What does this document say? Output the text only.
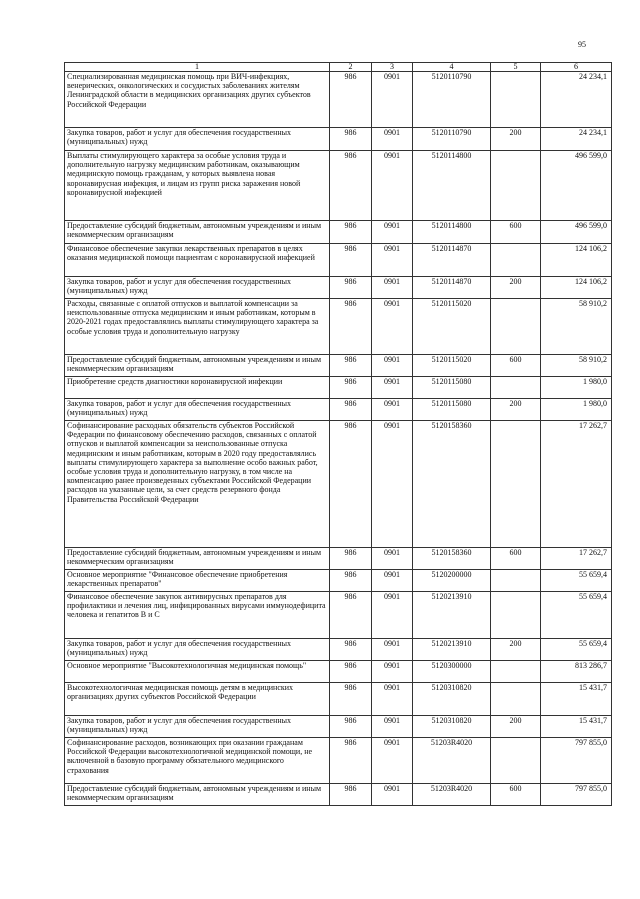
95
1	2	3	4	5	6
Специализированная медицинская помощь при ВИЧ-инфекциях, венерических, онкологических и сосудистых заболеваниях жителям Ленинградской области в медицинских организациях других субъектов Российской Федерации	986	0901	5120110790		24 234,1
Закупка товаров, работ и услуг для обеспечения государственных (муниципальных) нужд	986	0901	5120110790	200	24 234,1
Выплаты стимулирующего характера за особые условия труда и дополнительную нагрузку медицинским работникам, оказывающим медицинскую помощь гражданам, у которых выявлена новая коронавирусная инфекция, и лицам из групп риска заражения новой коронавирусной инфекцией	986	0901	5120114800		496 599,0
Предоставление субсидий бюджетным, автономным учреждениям и иным некоммерческим организациям	986	0901	5120114800	600	496 599,0
Финансовое обеспечение закупки лекарственных препаратов в целях оказания медицинской помощи пациентам с коронавирусной инфекцией	986	0901	5120114870		124 106,2
Закупка товаров, работ и услуг для обеспечения государственных (муниципальных) нужд	986	0901	5120114870	200	124 106,2
Расходы, связанные с оплатой отпусков и выплатой компенсации за неиспользованные отпуска медицинским и иным работникам, которым в 2020-2021 годах предоставлялись выплаты стимулирующего характера за особые условия труда и дополнительную нагрузку	986	0901	5120115020		58 910,2
Предоставление субсидий бюджетным, автономным учреждениям и иным некоммерческим организациям	986	0901	5120115020	600	58 910,2
Приобретение средств диагностики коронавирусной инфекции	986	0901	5120115080		1 980,0
Закупка товаров, работ и услуг для обеспечения государственных (муниципальных) нужд	986	0901	5120115080	200	1 980,0
Софинансирование расходных обязательств субъектов Российской Федерации по финансовому обеспечению расходов, связанных с оплатой отпусков и выплатой компенсации за неиспользованные отпуска медицинским и иным работникам, которым в 2020 году предоставлялись выплаты стимулирующего характера за выполнение особо важных работ, особые условия труда и дополнительную нагрузку, в том числе на компенсацию ранее произведенных субъектами Российской Федерации расходов на указанные цели, за счет средств резервного фонда Правительства Российской Федерации	986	0901	5120158360		17 262,7
Предоставление субсидий бюджетным, автономным учреждениям и иным некоммерческим организациям	986	0901	5120158360	600	17 262,7
Основное мероприятие "Финансовое обеспечение приобретения лекарственных препаратов"	986	0901	5120200000		55 659,4
Финансовое обеспечение закупок антивирусных препаратов для профилактики и лечения лиц, инфицированных вирусами иммунодефицита человека и гепатитов В и С	986	0901	5120213910		55 659,4
Закупка товаров, работ и услуг для обеспечения государственных (муниципальных) нужд	986	0901	5120213910	200	55 659,4
Основное мероприятие "Высокотехнологичная медицинская помощь"	986	0901	5120300000		813 286,7
Высокотехнологичная медицинская помощь детям в медицинских организациях других субъектов Российской Федерации	986	0901	5120310820		15 431,7
Закупка товаров, работ и услуг для обеспечения государственных (муниципальных) нужд	986	0901	5120310820	200	15 431,7
Софинансирование расходов, возникающих при оказании гражданам Российской Федерации высокотехнологичной медицинской помощи, не включенной в базовую программу обязательного медицинского страхования	986	0901	51203R4020		797 855,0
Предоставление субсидий бюджетным, автономным учреждениям и иным некоммерческим организациям	986	0901	51203R4020	600	797 855,0
